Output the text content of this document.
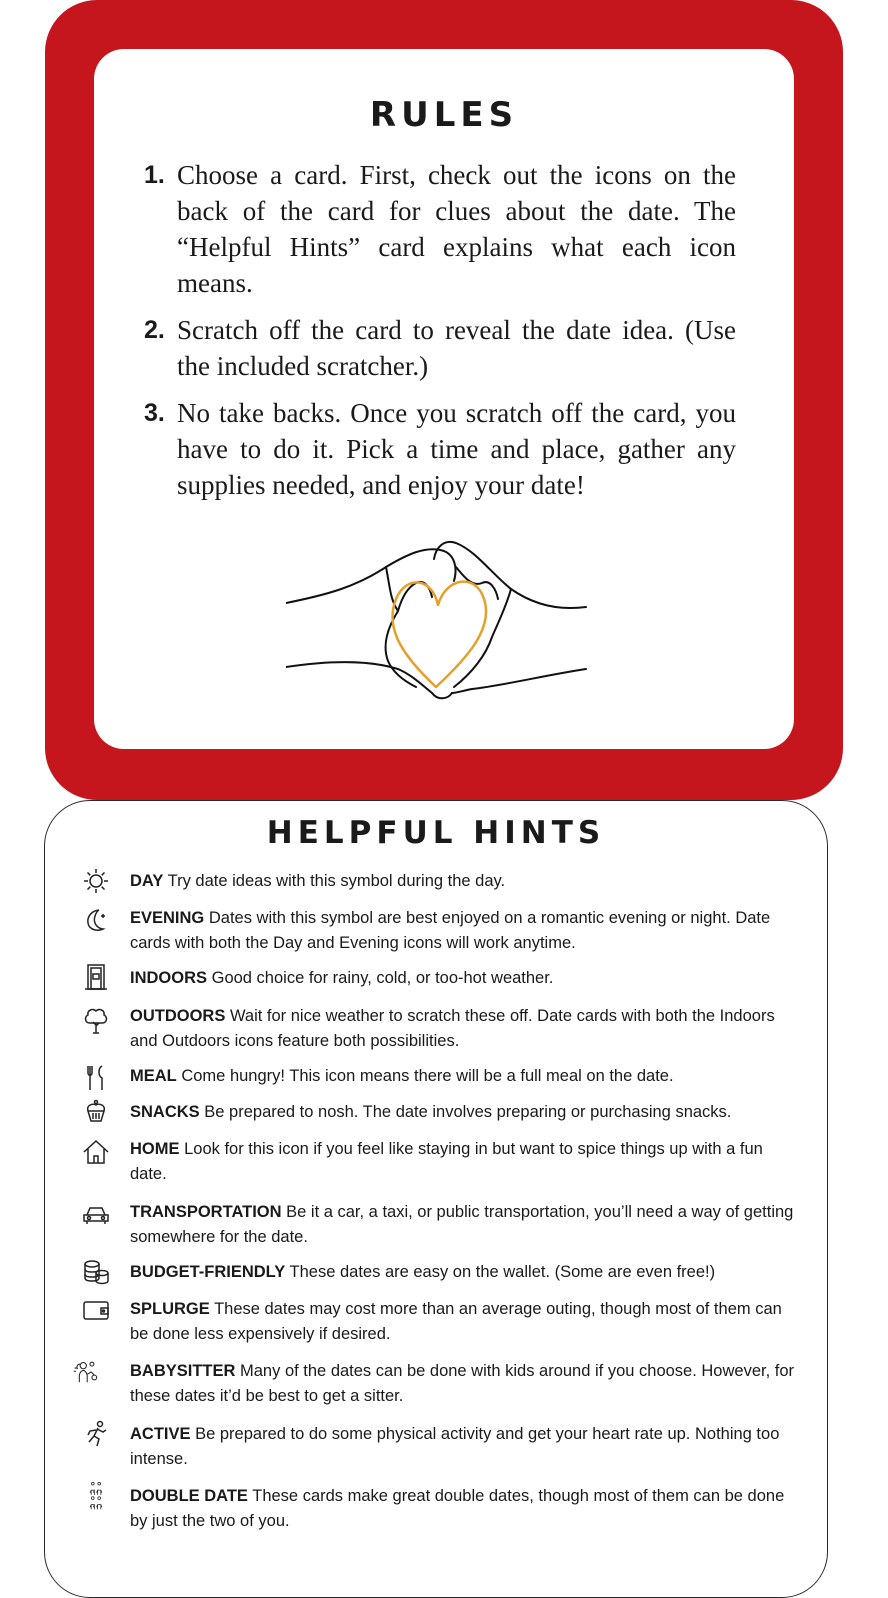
RULES
1. Choose a card. First, check out the icons on the back of the card for clues about the date. The “Helpful Hints” card explains what each icon means.
2. Scratch off the card to reveal the date idea. (Use the included scratcher.)
3. No take backs. Once you scratch off the card, you have to do it. Pick a time and place, gather any supplies needed, and enjoy your date!
HELPFUL HINTS
DAY Try date ideas with this symbol during the day.
EVENING Dates with this symbol are best enjoyed on a romantic evening or night. Date cards with both the Day and Evening icons will work anytime.
INDOORS Good choice for rainy, cold, or too-hot weather.
OUTDOORS Wait for nice weather to scratch these off. Date cards with both the Indoors and Outdoors icons feature both possibilities.
MEAL Come hungry! This icon means there will be a full meal on the date.
SNACKS Be prepared to nosh. The date involves preparing or purchasing snacks.
HOME Look for this icon if you feel like staying in but want to spice things up with a fun date.
TRANSPORTATION Be it a car, a taxi, or public transportation, you’ll need a way of getting somewhere for the date.
BUDGET-FRIENDLY These dates are easy on the wallet. (Some are even free!)
SPLURGE These dates may cost more than an average outing, though most of them can be done less expensively if desired.
BABYSITTER Many of the dates can be done with kids around if you choose. However, for these dates it’d be best to get a sitter.
ACTIVE Be prepared to do some physical activity and get your heart rate up. Nothing too intense.
DOUBLE DATE These cards make great double dates, though most of them can be done by just the two of you.
